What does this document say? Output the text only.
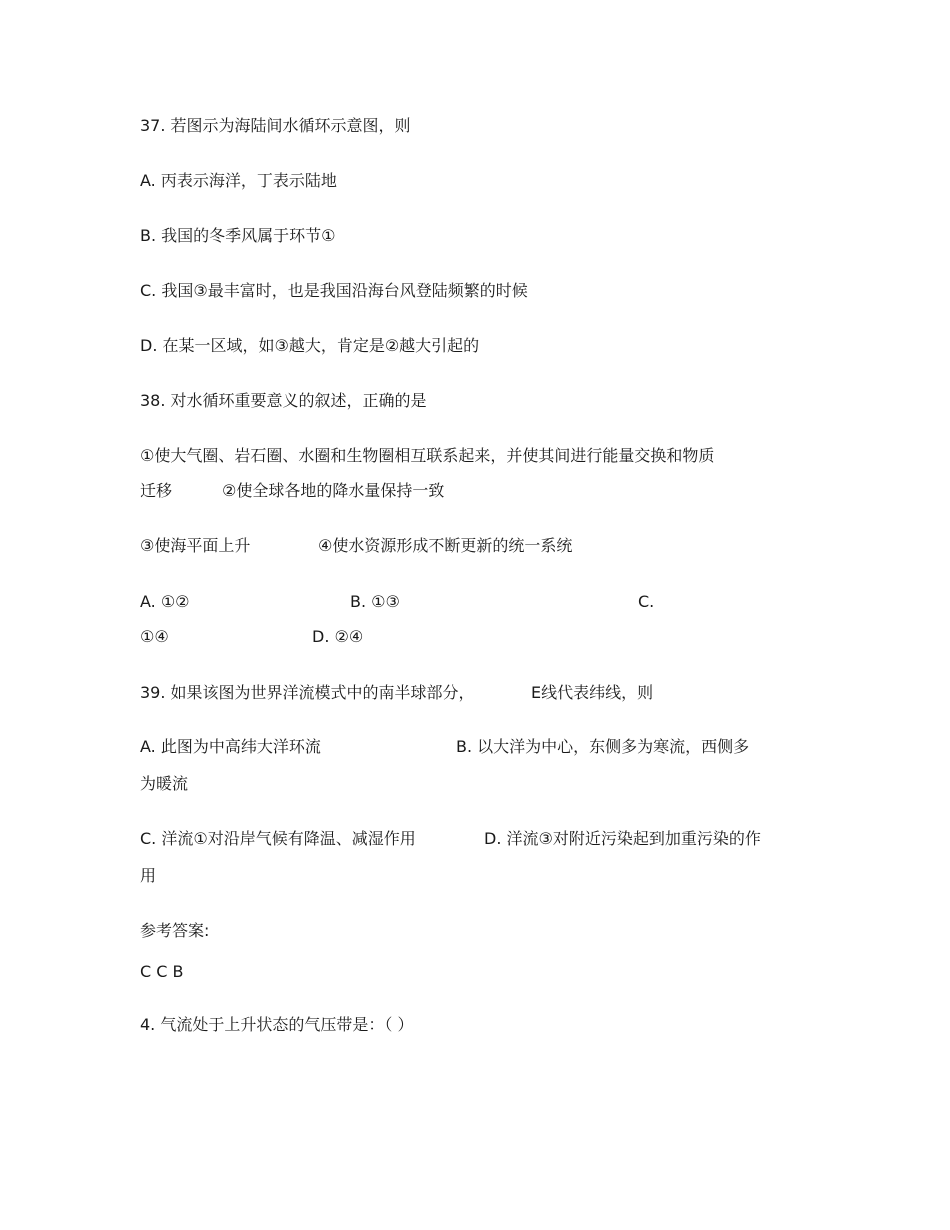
37. 若图示为海陆间水循环示意图，则
A. 丙表示海洋，丁表示陆地
B. 我国的冬季风属于环节①
C. 我国③最丰富时，也是我国沿海台风登陆频繁的时候
D. 在某一区域，如③越大，肯定是②越大引起的
38. 对水循环重要意义的叙述，正确的是
①使大气圈、岩石圈、水圈和生物圈相互联系起来，并使其间进行能量交换和物质
迁移	②使全球各地的降水量保持一致
③使海平面上升	④使水资源形成不断更新的统一系统
A. ①②	B. ①③	C.
①④	D. ②④
39. 如果该图为世界洋流模式中的南半球部分，	E线代表纬线，则
A. 此图为中高纬大洋环流	B. 以大洋为中心，东侧多为寒流，西侧多
为暖流
C. 洋流①对沿岸气候有降温、减湿作用	D. 洋流③对附近污染起到加重污染的作
用
参考答案:
C C B
4. 气流处于上升状态的气压带是：（ ）
